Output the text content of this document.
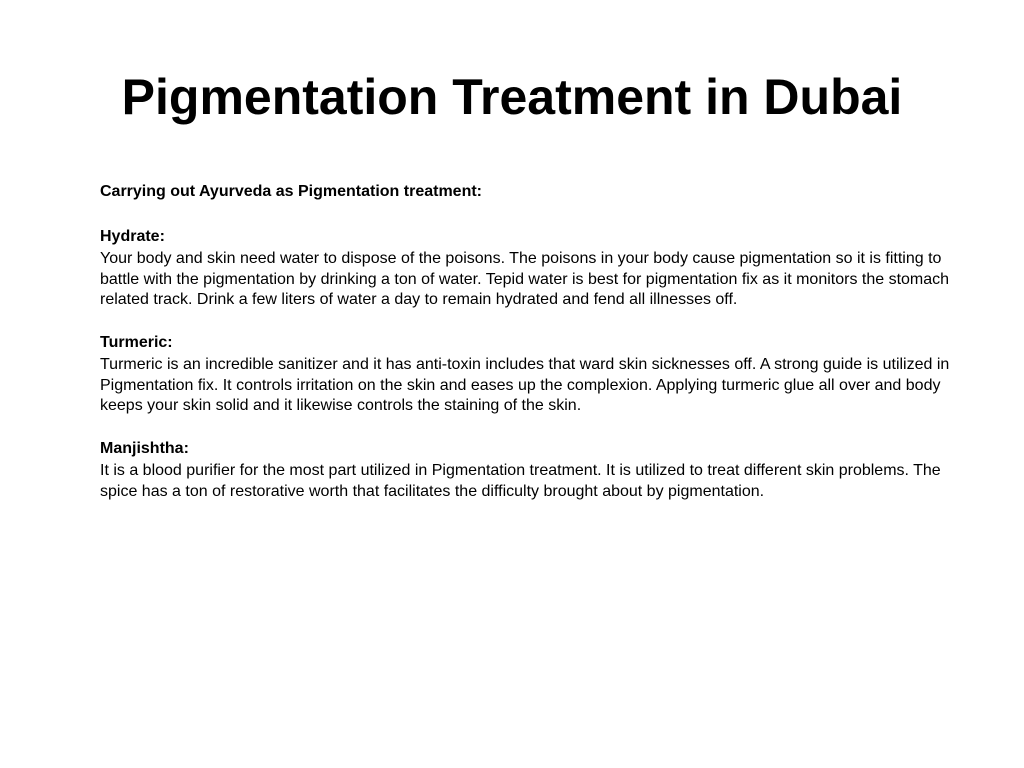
Pigmentation Treatment in Dubai

Carrying out Ayurveda as Pigmentation treatment:

Hydrate:

Your body and skin need water to dispose of the poisons. The poisons in your body cause pigmentation so it is fitting to battle with the pigmentation by drinking a ton of water. Tepid water is best for pigmentation fix as it monitors the stomach related track. Drink a few liters of water a day to remain hydrated and fend all illnesses off.

Turmeric:

Turmeric is an incredible sanitizer and it has anti-toxin includes that ward skin sicknesses off. A strong guide is utilized in Pigmentation fix. It controls irritation on the skin and eases up the complexion. Applying turmeric glue all over and body keeps your skin solid and it likewise controls the staining of the skin.

Manjishtha:

It is a blood purifier for the most part utilized in Pigmentation treatment. It is utilized to treat different skin problems. The spice has a ton of restorative worth that facilitates the difficulty brought about by pigmentation.
